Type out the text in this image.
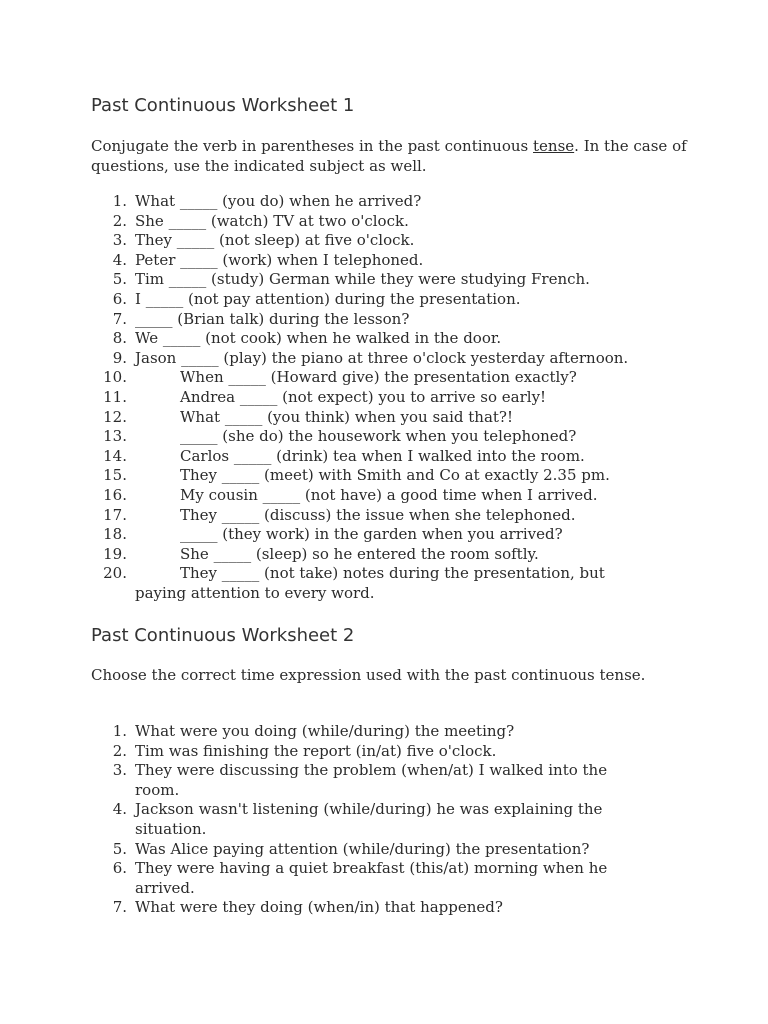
Past Continuous Worksheet 1

Conjugate the verb in parentheses in the past continuous tense. In the case of questions, use the indicated subject as well.

1. What _____ (you do) when he arrived?
2. She _____ (watch) TV at two o'clock.
3. They _____ (not sleep) at five o'clock.
4. Peter _____ (work) when I telephoned.
5. Tim _____ (study) German while they were studying French.
6. I _____ (not pay attention) during the presentation.
7. _____ (Brian talk) during the lesson?
8. We _____ (not cook) when he walked in the door.
9. Jason _____ (play) the piano at three o'clock yesterday afternoon.
10.	When _____ (Howard give) the presentation exactly?
11.	Andrea _____ (not expect) you to arrive so early!
12.	What _____ (you think) when you said that?!
13.	_____ (she do) the housework when you telephoned?
14.	Carlos _____ (drink) tea when I walked into the room.
15.	They _____ (meet) with Smith and Co at exactly 2.35 pm.
16.	My cousin _____ (not have) a good time when I arrived.
17.	They _____ (discuss) the issue when she telephoned.
18.	_____ (they work) in the garden when you arrived?
19.	She _____ (sleep) so he entered the room softly.
20.	They _____ (not take) notes during the presentation, but
paying attention to every word.
Past Continuous Worksheet 2

Choose the correct time expression used with the past continuous tense.

1. What were you doing (while/during) the meeting?
2. Tim was finishing the report (in/at) five o'clock.
3. They were discussing the problem (when/at) I walked into the
room.
4. Jackson wasn't listening (while/during) he was explaining the
situation.
5. Was Alice paying attention (while/during) the presentation?
6. They were having a quiet breakfast (this/at) morning when he
arrived.
7. What were they doing (when/in) that happened?
